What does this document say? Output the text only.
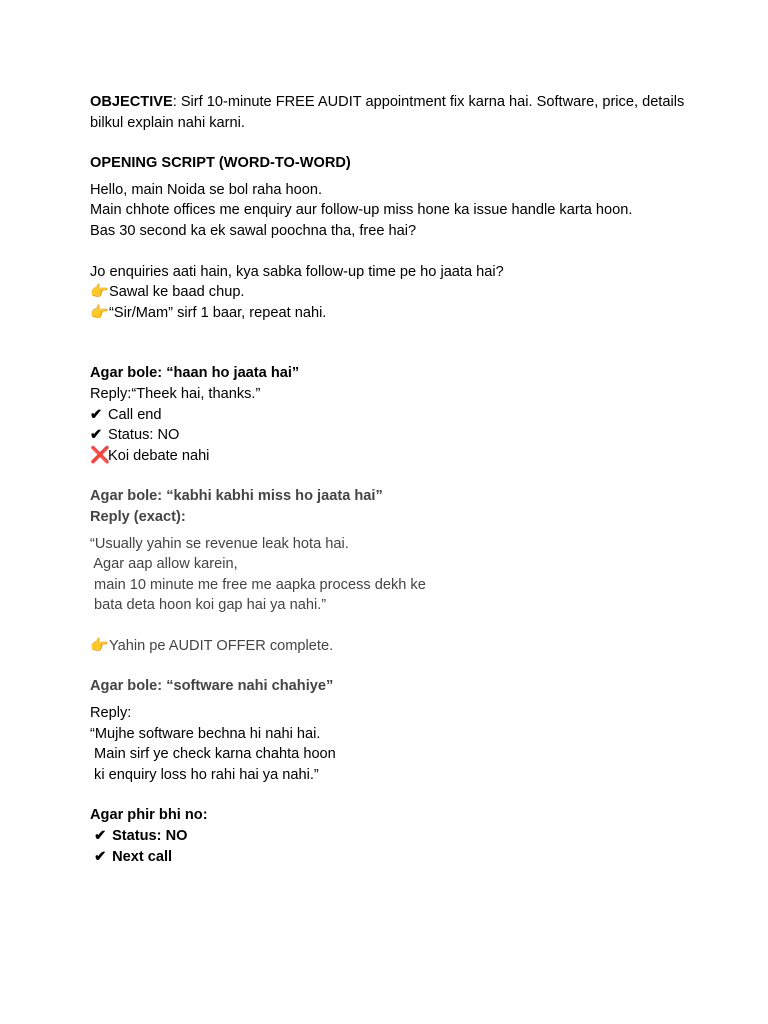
OBJECTIVE: Sirf 10-minute FREE AUDIT appointment fix karna hai. Software, price, details bilkul explain nahi karni.
OPENING SCRIPT (WORD-TO-WORD)
Hello, main Noida se bol raha hoon.
Main chhote offices me enquiry aur follow-up miss hone ka issue handle karta hoon.
Bas 30 second ka ek sawal poochna tha, free hai?
Jo enquiries aati hain, kya sabka follow-up time pe ho jaata hai?
👉Sawal ke baad chup.
👉“Sir/Mam” sirf 1 baar, repeat nahi.
Agar bole: “haan ho jaata hai”
Reply:“Theek hai, thanks.”
✔ Call end
✔ Status: NO
❌Koi debate nahi
Agar bole: “kabhi kabhi miss ho jaata hai”
Reply (exact):
“Usually yahin se revenue leak hota hai.
Agar aap allow karein,
main 10 minute me free me aapka process dekh ke
bata deta hoon koi gap hai ya nahi.”
👉Yahin pe AUDIT OFFER complete.
Agar bole: “software nahi chahiye”
Reply:
“Mujhe software bechna hi nahi hai.
Main sirf ye check karna chahta hoon
ki enquiry loss ho rahi hai ya nahi.”
Agar phir bhi no:
✔ Status: NO
✔ Next call
